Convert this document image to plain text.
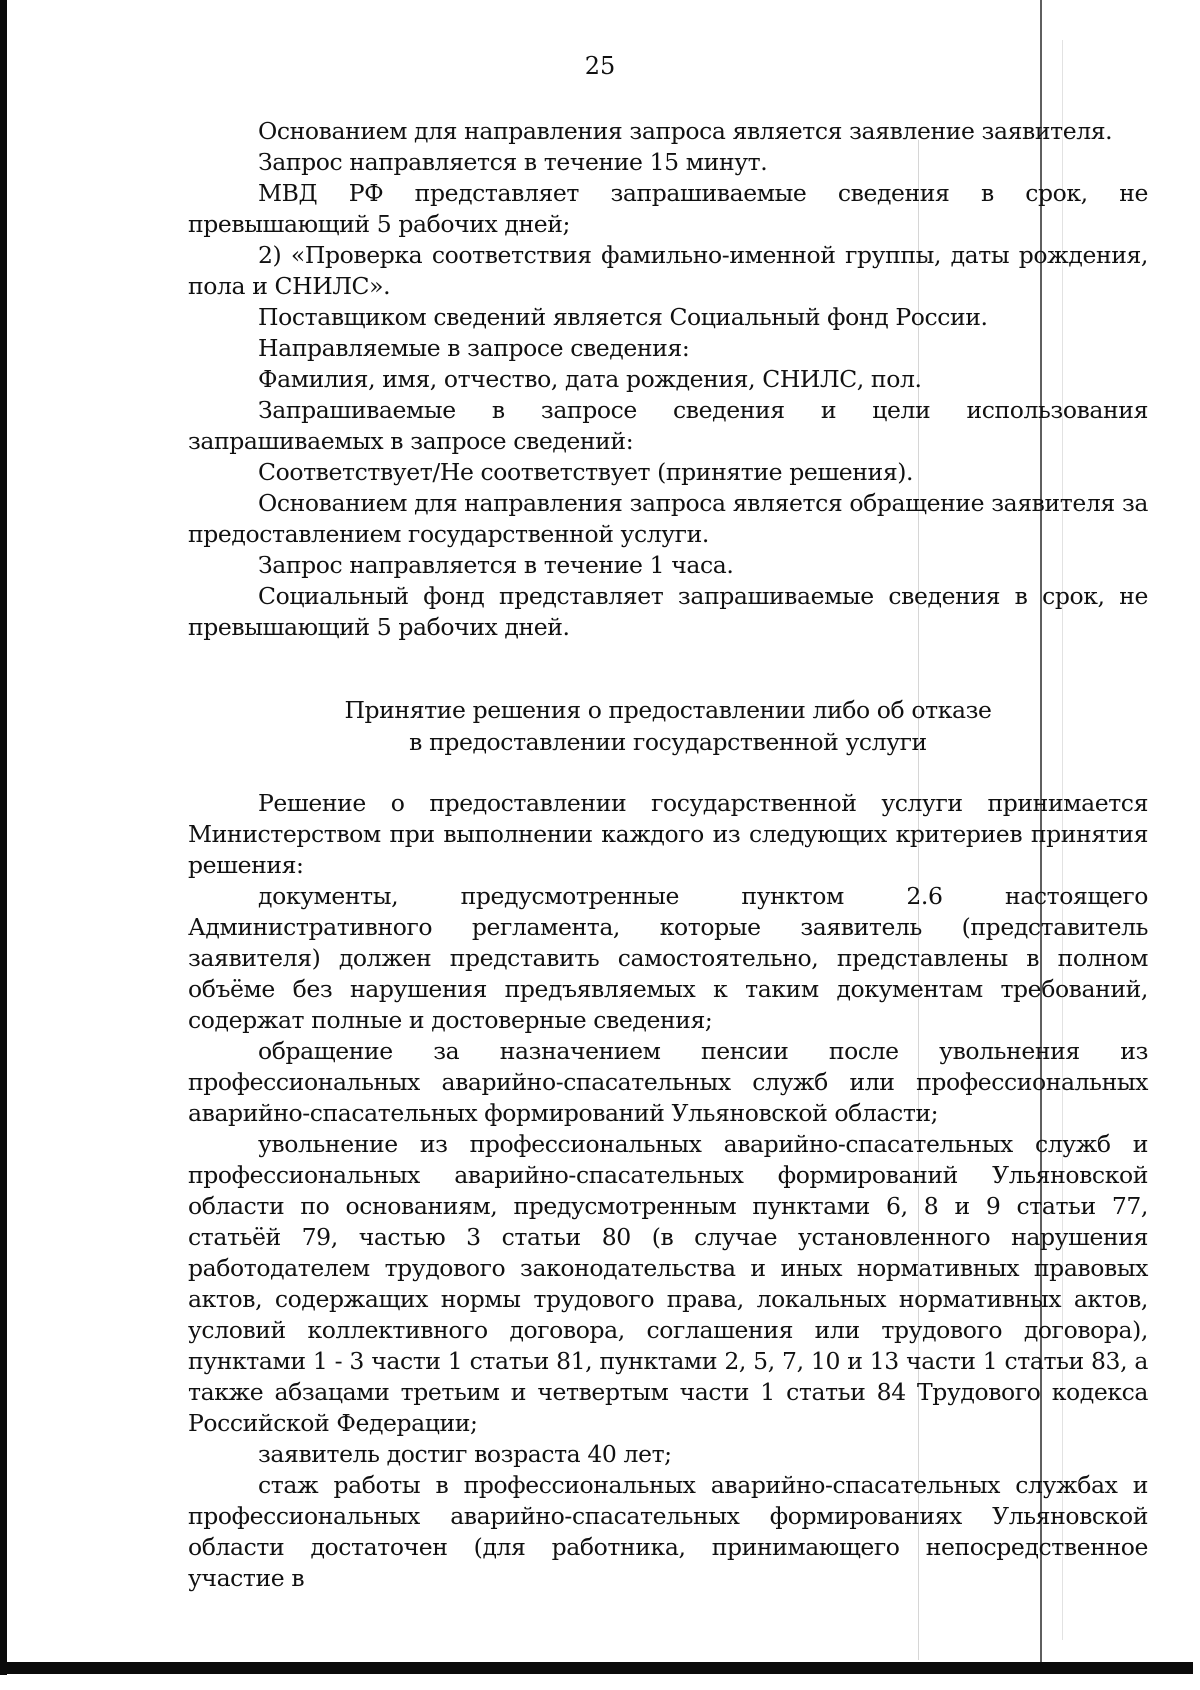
25

Основанием для направления запроса является заявление заявителя.

Запрос направляется в течение 15 минут.

МВД РФ представляет запрашиваемые сведения в срок, не превышающий 5 рабочих дней;

2) «Проверка соответствия фамильно-именной группы, даты рождения, пола и СНИЛС».

Поставщиком сведений является Социальный фонд России.

Направляемые в запросе сведения:

Фамилия, имя, отчество, дата рождения, СНИЛС, пол.

Запрашиваемые в запросе сведения и цели использования запрашиваемых в запросе сведений:

Соответствует/Не соответствует (принятие решения).

Основанием для направления запроса является обращение заявителя за предоставлением государственной услуги.

Запрос направляется в течение 1 часа.

Социальный фонд представляет запрашиваемые сведения в срок, не превышающий 5 рабочих дней.

Принятие решения о предоставлении либо об отказе
в предоставлении государственной услуги

Решение о предоставлении государственной услуги принимается Министерством при выполнении каждого из следующих критериев принятия решения:

документы, предусмотренные пунктом 2.6 настоящего Административного регламента, которые заявитель (представитель заявителя) должен представить самостоятельно, представлены в полном объёме без нарушения предъявляемых к таким документам требований, содержат полные и достоверные сведения;

обращение за назначением пенсии после увольнения из профессиональных аварийно-спасательных служб или профессиональных аварийно-спасательных формирований Ульяновской области;

увольнение из профессиональных аварийно-спасательных служб и профессиональных аварийно-спасательных формирований Ульяновской области по основаниям, предусмотренным пунктами 6, 8 и 9 статьи 77, статьёй 79, частью 3 статьи 80 (в случае установленного нарушения работодателем трудового законодательства и иных нормативных правовых актов, содержащих нормы трудового права, локальных нормативных актов, условий коллективного договора, соглашения или трудового договора), пунктами 1 - 3 части 1 статьи 81, пунктами 2, 5, 7, 10 и 13 части 1 статьи 83, а также абзацами третьим и четвертым части 1 статьи 84 Трудового кодекса Российской Федерации;

заявитель достиг возраста 40 лет;

стаж работы в профессиональных аварийно-спасательных службах и профессиональных аварийно-спасательных формированиях Ульяновской области достаточен (для работника, принимающего непосредственное участие в
